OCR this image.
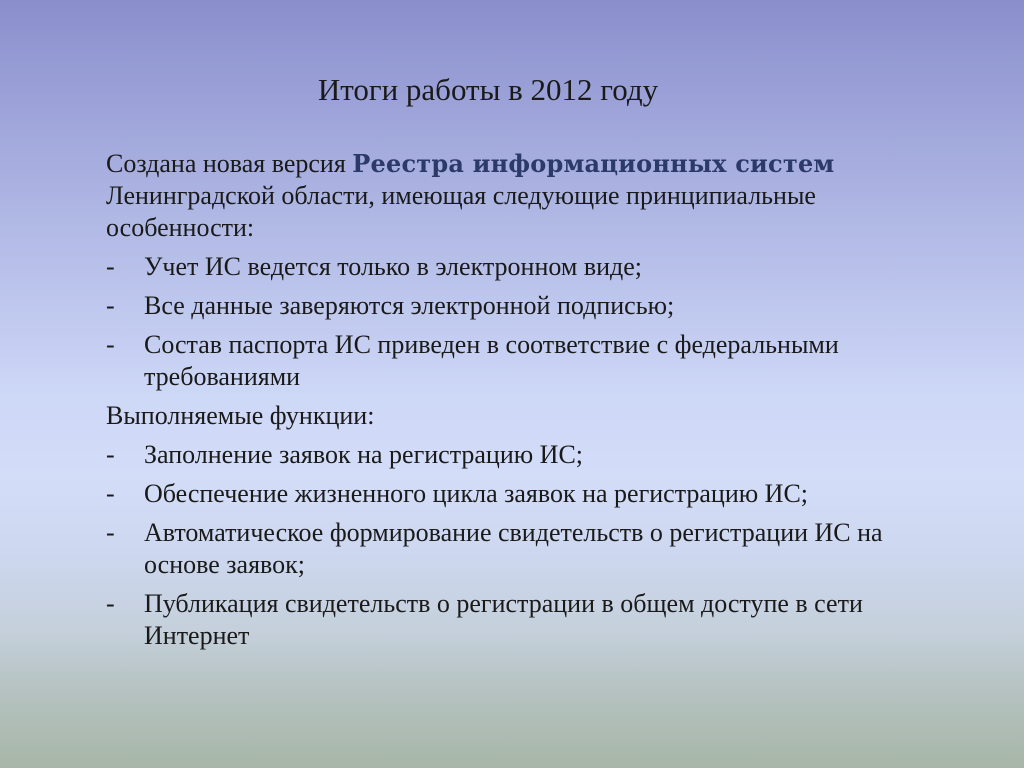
Итоги работы в 2012 году

Создана новая версия Реестра информационных систем Ленинградской области, имеющая следующие принципиальные особенности:

- Учет ИС ведется только в электронном виде;
- Все данные заверяются электронной подписью;
- Состав паспорта ИС приведен в соответствие с федеральными требованиями

Выполняемые функции:

- Заполнение заявок на регистрацию ИС;
- Обеспечение жизненного цикла заявок на регистрацию ИС;
- Автоматическое формирование свидетельств о регистрации ИС на основе заявок;
- Публикация свидетельств о регистрации в общем доступе в сети Интернет
